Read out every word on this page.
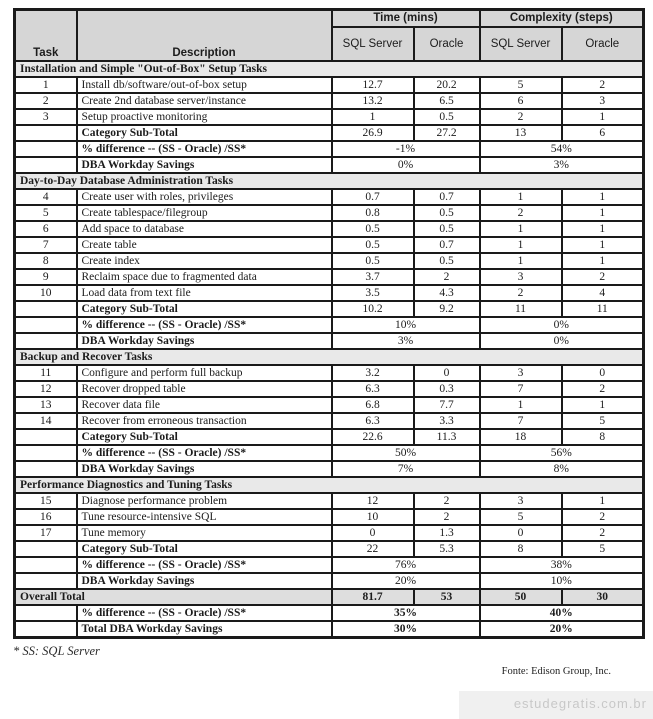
Task	Description	Time (mins)		Complexity (steps)	
		SQL Server	Oracle	SQL Server	Oracle
Installation and Simple "Out-of-Box" Setup Tasks					
1	Install db/software/out-of-box setup	12.7	20.2	5	2
2	Create 2nd database server/instance	13.2	6.5	6	3
3	Setup proactive monitoring	1	0.5	2	1
	Category Sub-Total	26.9	27.2	13	6
	% difference -- (SS - Oracle) /SS*	-1%		54%	
	DBA Workday Savings	0%		3%	
Day-to-Day Database Administration Tasks					
4	Create user with roles, privileges	0.7	0.7	1	1
5	Create tablespace/filegroup	0.8	0.5	2	1
6	Add space to database	0.5	0.5	1	1
7	Create table	0.5	0.7	1	1
8	Create index	0.5	0.5	1	1
9	Reclaim space due to fragmented data	3.7	2	3	2
10	Load data from text file	3.5	4.3	2	4
	Category Sub-Total	10.2	9.2	11	11
	% difference -- (SS - Oracle) /SS*	10%		0%	
	DBA Workday Savings	3%		0%	
Backup and Recover Tasks					
11	Configure and perform full backup	3.2	0	3	0
12	Recover dropped table	6.3	0.3	7	2
13	Recover data file	6.8	7.7	1	1
14	Recover from erroneous transaction	6.3	3.3	7	5
	Category Sub-Total	22.6	11.3	18	8
	% difference -- (SS - Oracle) /SS*	50%		56%	
	DBA Workday Savings	7%		8%	
Performance Diagnostics and Tuning Tasks					
15	Diagnose performance problem	12	2	3	1
16	Tune resource-intensive SQL	10	2	5	2
17	Tune memory	0	1.3	0	2
	Category Sub-Total	22	5.3	8	5
	% difference -- (SS - Oracle) /SS*	76%		38%	
	DBA Workday Savings	20%		10%	
Overall Total		81.7	53	50	30
	% difference -- (SS - Oracle) /SS*	35%		40%	
	Total DBA Workday Savings	30%		20%	
* SS: SQL Server
Fonte: Edison Group, Inc.
estudegratis.com.br
